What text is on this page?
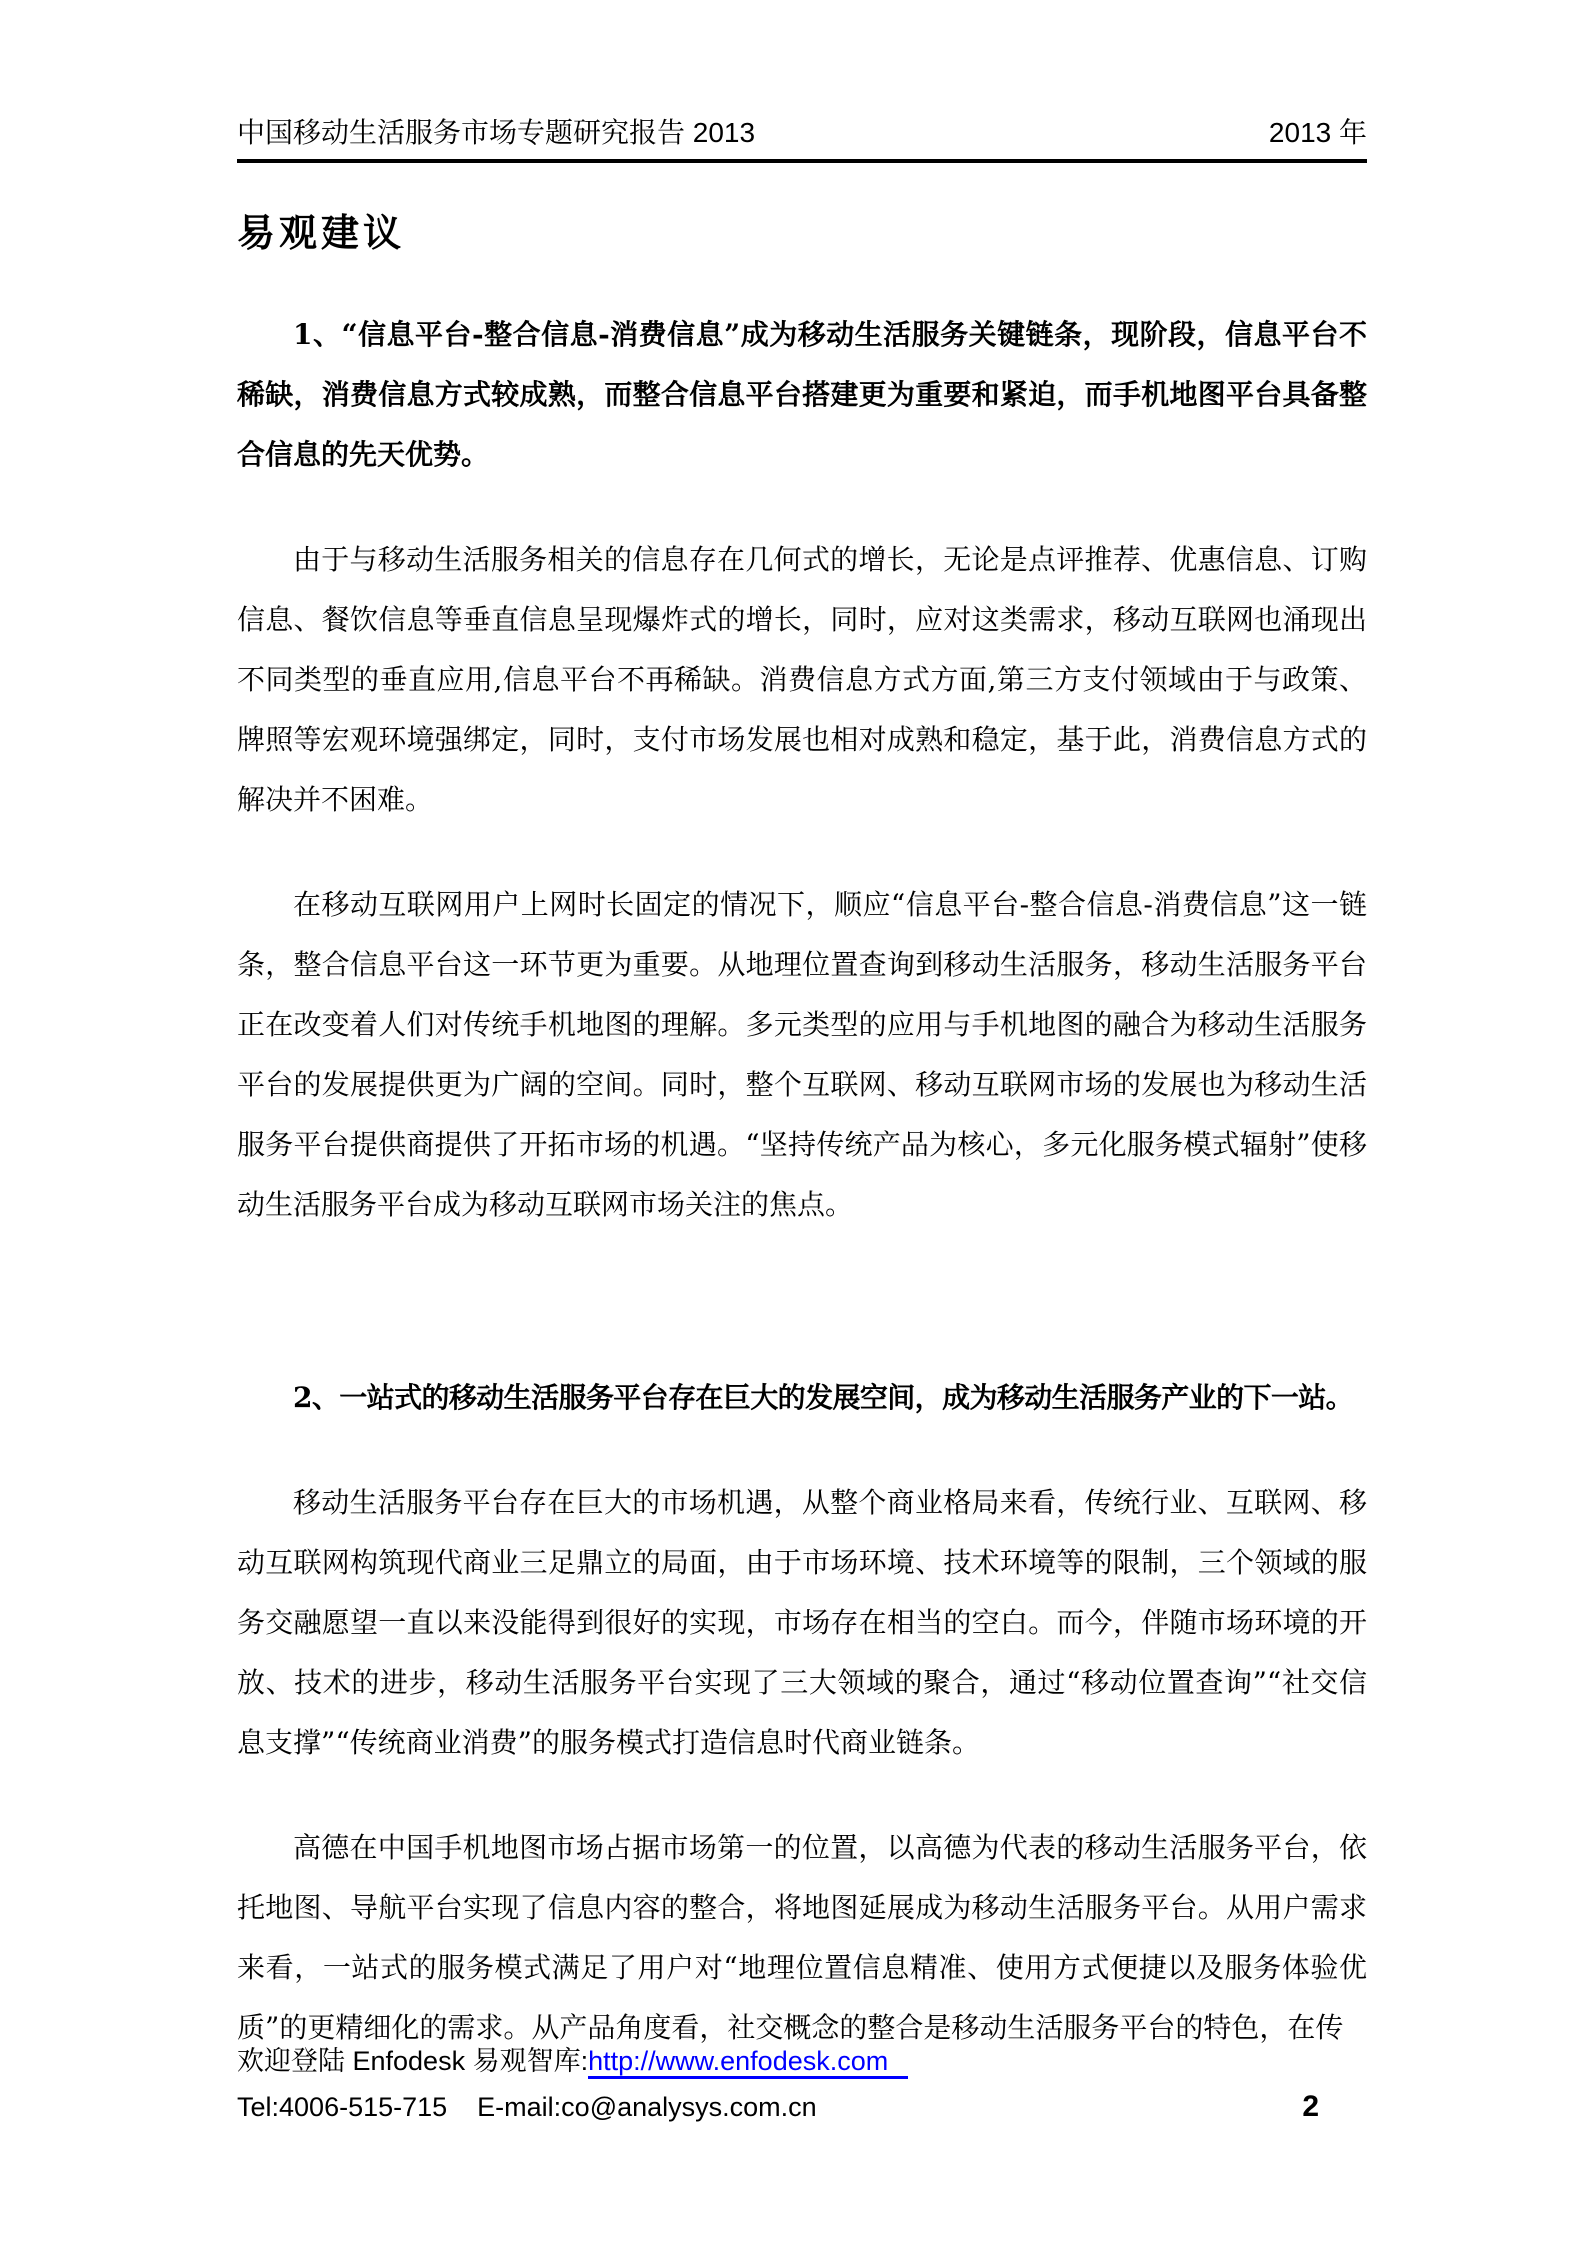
中国移动生活服务市场专题研究报告 2013	2013 年
易观建议

1、“信息平台-整合信息-消费信息”成为移动生活服务关键链条，现阶段，信息平台不稀缺，消费信息方式较成熟，而整合信息平台搭建更为重要和紧迫，而手机地图平台具备整合信息的先天优势。

由于与移动生活服务相关的信息存在几何式的增长，无论是点评推荐、优惠信息、订购信息、餐饮信息等垂直信息呈现爆炸式的增长，同时，应对这类需求，移动互联网也涌现出不同类型的垂直应用,信息平台不再稀缺。消费信息方式方面,第三方支付领域由于与政策、牌照等宏观环境强绑定，同时，支付市场发展也相对成熟和稳定，基于此，消费信息方式的解决并不困难。

在移动互联网用户上网时长固定的情况下，顺应“信息平台-整合信息-消费信息”这一链条，整合信息平台这一环节更为重要。从地理位置查询到移动生活服务，移动生活服务平台正在改变着人们对传统手机地图的理解。多元类型的应用与手机地图的融合为移动生活服务平台的发展提供更为广阔的空间。同时，整个互联网、移动互联网市场的发展也为移动生活服务平台提供商提供了开拓市场的机遇。“坚持传统产品为核心，多元化服务模式辐射”使移动生活服务平台成为移动互联网市场关注的焦点。

2、一站式的移动生活服务平台存在巨大的发展空间，成为移动生活服务产业的下一站。

移动生活服务平台存在巨大的市场机遇，从整个商业格局来看，传统行业、互联网、移动互联网构筑现代商业三足鼎立的局面，由于市场环境、技术环境等的限制，三个领域的服务交融愿望一直以来没能得到很好的实现，市场存在相当的空白。而今，伴随市场环境的开放、技术的进步，移动生活服务平台实现了三大领域的聚合，通过“移动位置查询”“社交信息支撑”“传统商业消费”的服务模式打造信息时代商业链条。

高德在中国手机地图市场占据市场第一的位置，以高德为代表的移动生活服务平台，依托地图、导航平台实现了信息内容的整合，将地图延展成为移动生活服务平台。从用户需求来看，一站式的服务模式满足了用户对“地理位置信息精准、使用方式便捷以及服务体验优质”的更精细化的需求。从产品角度看，社交概念的整合是移动生活服务平台的特色，在传

欢迎登陆 Enfodesk 易观智库:http://www.enfodesk.com
Tel:4006-515-715    E-mail:co@analysys.com.cn	2
